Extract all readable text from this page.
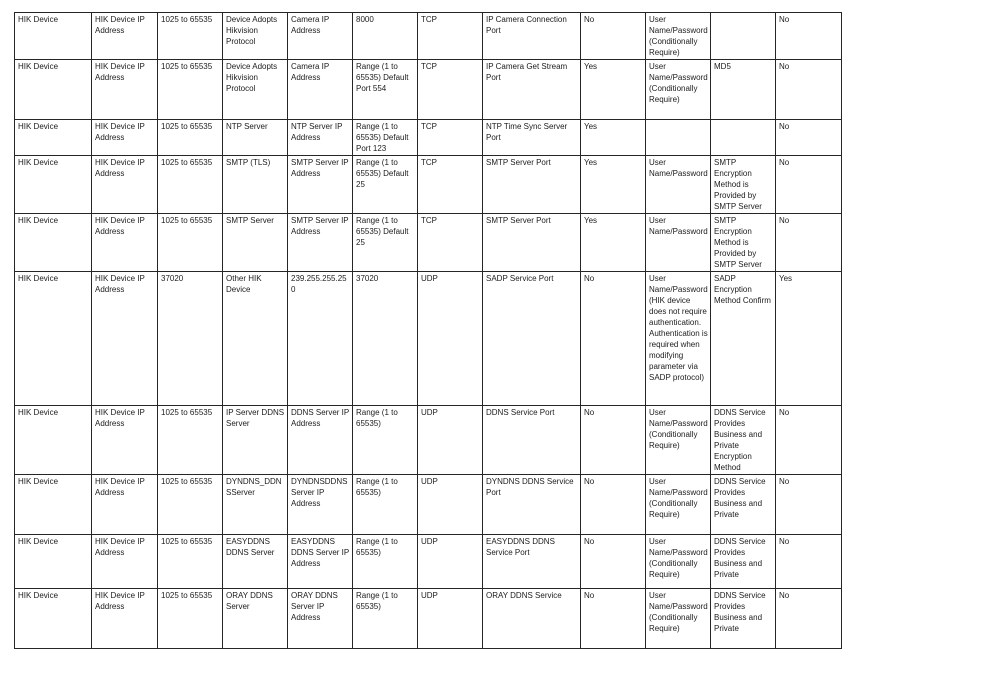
HIK Device	HIK Device IP Address	1025 to 65535	Device Adopts Hikvision Protocol	Camera IP Address	8000	TCP	IP Camera Connection Port	No	User Name/Password (Conditionally Require)		No
HIK Device	HIK Device IP Address	1025 to 65535	Device Adopts Hikvision Protocol	Camera IP Address	Range (1 to 65535) Default Port 554	TCP	IP Camera Get Stream Port	Yes	User Name/Password (Conditionally Require)	MD5	No
HIK Device	HIK Device IP Address	1025 to 65535	NTP Server	NTP Server IP Address	Range (1 to 65535) Default Port 123	TCP	NTP Time Sync Server Port	Yes			No
HIK Device	HIK Device IP Address	1025 to 65535	SMTP (TLS)	SMTP Server IP Address	Range (1 to 65535) Default 25	TCP	SMTP Server Port	Yes	User Name/Password	SMTP Encryption Method is Provided by SMTP Server	No
HIK Device	HIK Device IP Address	1025 to 65535	SMTP Server	SMTP Server IP Address	Range (1 to 65535) Default 25	TCP	SMTP Server Port	Yes	User Name/Password	SMTP Encryption Method is Provided by SMTP Server	No
HIK Device	HIK Device IP Address	37020	Other HIK Device	239.255.255.250	37020	UDP	SADP Service Port	No	User Name/Password (HIK device does not require authentication. Authentication is required when modifying parameter via SADP protocol)	SADP Encryption Method Confirm	Yes
HIK Device	HIK Device IP Address	1025 to 65535	IP Server DDNS Server	DDNS Server IP Address	Range (1 to 65535)	UDP	DDNS Service Port	No	User Name/Password (Conditionally Require)	DDNS Service Provides Business and Private Encryption Method	No
HIK Device	HIK Device IP Address	1025 to 65535	DYNDNS_DDNSServer	DYNDNSDDNS Server IP Address	Range (1 to 65535)	UDP	DYNDNS DDNS Service Port	No	User Name/Password (Conditionally Require)	DDNS Service Provides Business and Private	No
HIK Device	HIK Device IP Address	1025 to 65535	EASYDDNS DDNS Server	EASYDDNS DDNS Server IP Address	Range (1 to 65535)	UDP	EASYDDNS DDNS Service Port	No	User Name/Password (Conditionally Require)	DDNS Service Provides Business and Private	No
HIK Device	HIK Device IP Address	1025 to 65535	ORAY DDNS Server	ORAY DDNS Server IP Address	Range (1 to 65535)	UDP	ORAY DDNS Service	No	User Name/Password (Conditionally Require)	DDNS Service Provides Business and Private	No
